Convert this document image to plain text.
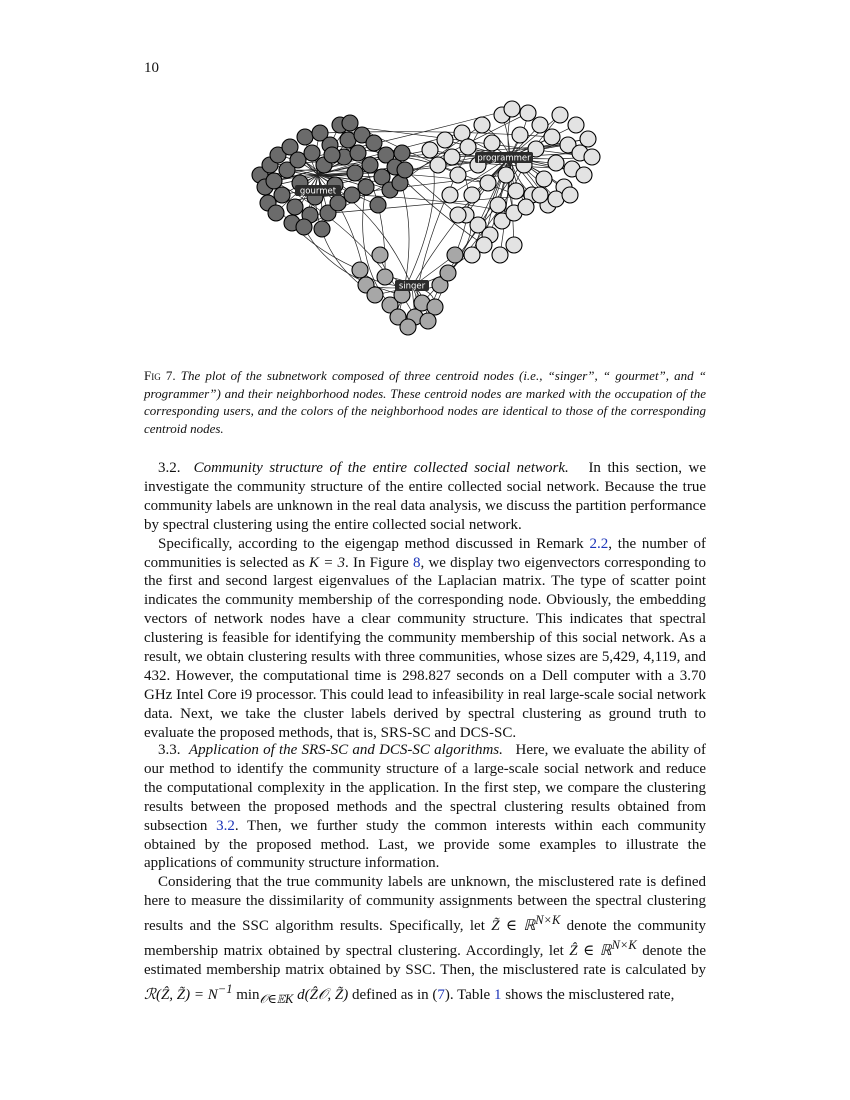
10
gourmet
programmer
singer
Fig 7. The plot of the subnetwork composed of three centroid nodes (i.e., “singer”, “ gourmet”, and “ programmer”) and their neighborhood nodes. These centroid nodes are marked with the occupation of the corresponding users, and the colors of the neighborhood nodes are identical to those of the corresponding centroid nodes.

3.2. Community structure of the entire collected social network. In this section, we investigate the community structure of the entire collected social network. Because the true community labels are unknown in the real data analysis, we discuss the partition performance by spectral clustering using the entire collected social network.

Specifically, according to the eigengap method discussed in Remark 2.2, the number of communities is selected as K = 3. In Figure 8, we display two eigenvectors corresponding to the first and second largest eigenvalues of the Laplacian matrix. The type of scatter point indicates the community membership of the corresponding node. Obviously, the embedding vectors of network nodes have a clear community structure. This indicates that spectral clustering is feasible for identifying the community membership of this social network. As a result, we obtain clustering results with three communities, whose sizes are 5,429, 4,119, and 432. However, the computational time is 298.827 seconds on a Dell computer with a 3.70 GHz Intel Core i9 processor. This could lead to infeasibility in real large-scale social network data. Next, we take the cluster labels derived by spectral clustering as ground truth to evaluate the proposed methods, that is, SRS-SC and DCS-SC.

3.3. Application of the SRS-SC and DCS-SC algorithms. Here, we evaluate the ability of our method to identify the community structure of a large-scale social network and reduce the computational complexity in the application. In the first step, we compare the clustering results between the proposed methods and the spectral clustering results obtained from subsection 3.2. Then, we further study the common interests within each community obtained by the proposed method. Last, we provide some examples to illustrate the applications of community structure information.

Considering that the true community labels are unknown, the misclustered rate is defined here to measure the dissimilarity of community assignments between the spectral clustering results and the SSC algorithm results. Specifically, let Z̃ ∈ ℝ$^{N\times K}$ denote the community membership matrix obtained by spectral clustering. Accordingly, let Ẑ ∈ ℝ$^{N\times K}$ denote the estimated membership matrix obtained by SSC. Then, the misclustered rate is calculated by ℛ(Ẑ, Z̃) = $N^{-1}$ $\min_{𝒪\in 𝔼K}$ d(Ẑ𝒪, Z̃) defined as in (7). Table 1 shows the misclustered rate,
